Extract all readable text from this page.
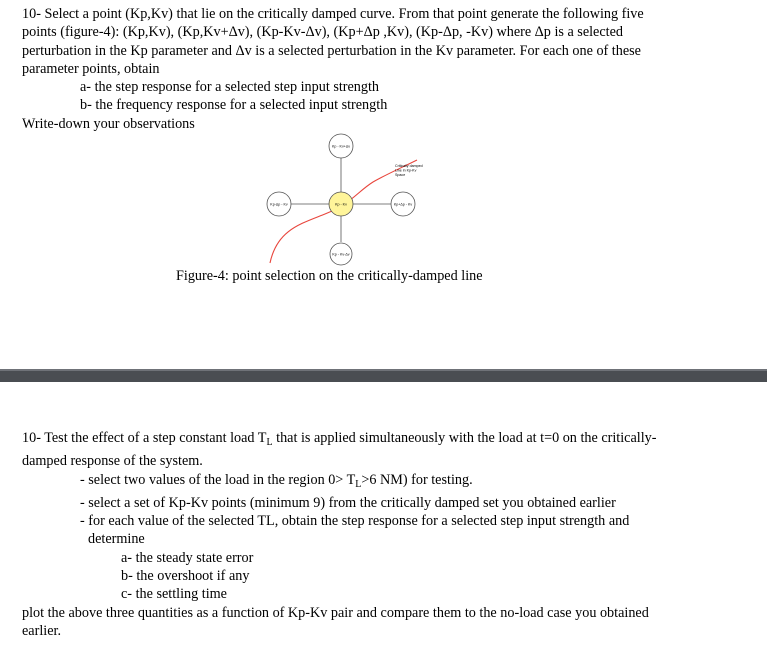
10- Select a point (Kp,Kv) that lie on the critically damped curve. From that point generate the following five
points (figure-4): (Kp,Kv), (Kp,Kv+Δv), (Kp-Kv-Δv), (Kp+Δp ,Kv), (Kp-Δp, -Kv) where Δp is a selected
perturbation in the Kp parameter and Δv is a selected perturbation in the Kv parameter. For each one of these
parameter points, obtain
a- the step response for a selected step input strength
b- the frequency response for a selected input strength
Write-down your observations
Kp - Kv+Δv
Kp-Δp - Kv	Kp - Kv	Kp+Δp - Kv
Kp - Kv-Δv
Critically damped
Line in Kp-Kv
Space
Figure-4: point selection on the critically-damped line
10- Test the effect of a step constant load $T_L$ that is applied simultaneously with the load at t=0 on the critically-
damped response of the system.
- select two values of the load in the region $0> T_L>6$ NM) for testing.
- select a set of Kp-Kv points (minimum 9) from the critically damped set you obtained earlier
- for each value of the selected TL, obtain the step response for a selected step input strength and
determine
a- the steady state error
b- the overshoot if any
c- the settling time
plot the above three quantities as a function of Kp-Kv pair and compare them to the no-load case you obtained
earlier.
